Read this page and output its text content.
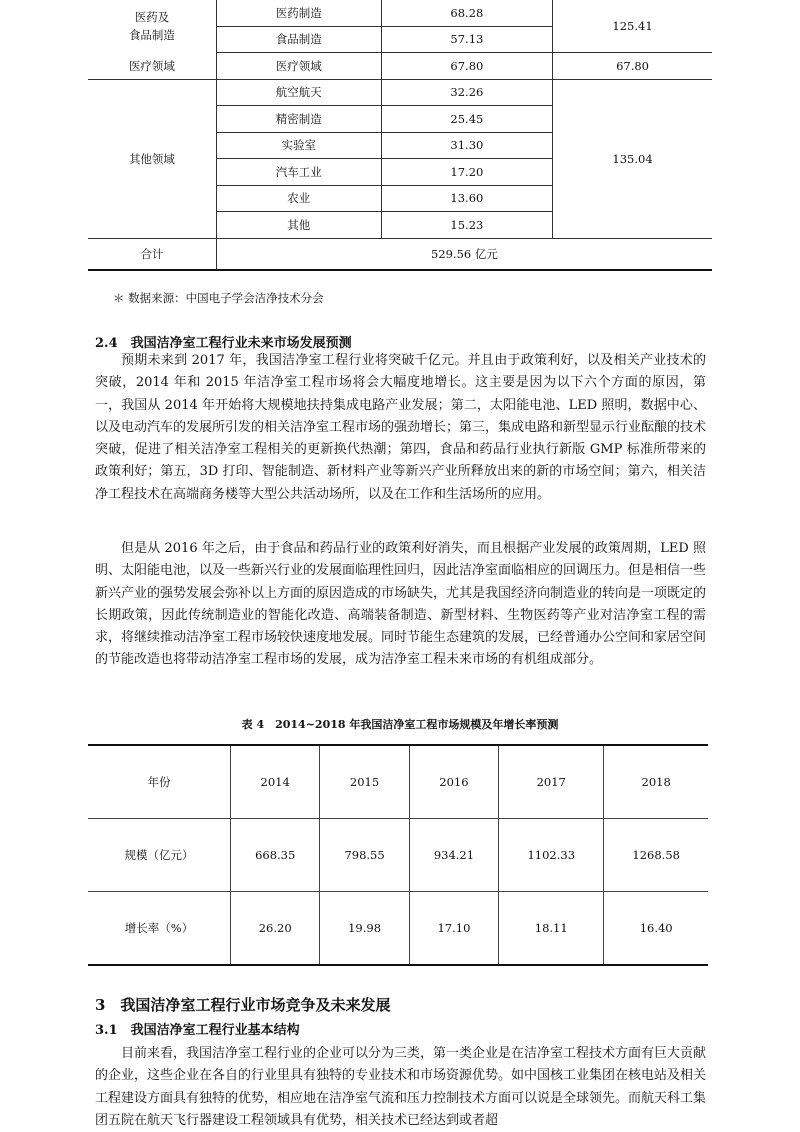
医药及
食品制造	医药制造	68.28	125.41
	食品制造	57.13	
医疗领域	医疗领域	67.80	67.80
其他领域	航空航天	32.26	135.04
	精密制造	25.45	
	实验室	31.30	
	汽车工业	17.20	
	农业	13.60	
	其他	15.23	
合计	529.56 亿元		
＊ 数据来源：中国电子学会洁净技术分会
2.4　我国洁净室工程行业未来市场发展预测

预期未来到 2017 年，我国洁净室工程行业将突破千亿元。并且由于政策利好，以及相关产业技术的突破，2014 年和 2015 年洁净室工程市场将会大幅度地增长。这主要是因为以下六个方面的原因，第一，我国从 2014 年开始将大规模地扶持集成电路产业发展；第二，太阳能电池、LED 照明，数据中心、以及电动汽车的发展所引发的相关洁净室工程市场的强劲增长；第三，集成电路和新型显示行业酝酿的技术突破，促进了相关洁净室工程相关的更新换代热潮；第四，食品和药品行业执行新版 GMP 标准所带来的政策利好；第五，3D 打印、智能制造、新材料产业等新兴产业所释放出来的新的市场空间；第六，相关洁净工程技术在高端商务楼等大型公共活动场所，以及在工作和生活场所的应用。

但是从 2016 年之后，由于食品和药品行业的政策利好消失，而且根据产业发展的政策周期，LED 照明、太阳能电池，以及一些新兴行业的发展面临理性回归，因此洁净室面临相应的回调压力。但是相信一些新兴产业的强势发展会弥补以上方面的原因造成的市场缺失，尤其是我国经济向制造业的转向是一项既定的长期政策，因此传统制造业的智能化改造、高端装备制造、新型材料、生物医药等产业对洁净室工程的需求，将继续推动洁净室工程市场较快速度地发展。同时节能生态建筑的发展，已经普通办公空间和家居空间的节能改造也将带动洁净室工程市场的发展，成为洁净室工程未来市场的有机组成部分。

表 4　2014~2018 年我国洁净室工程市场规模及年增长率预测
年份	2014	2015	2016	2017	2018
规模（亿元）	668.35	798.55	934.21	1102.33	1268.58
增长率（%）	26.20	19.98	17.10	18.11	16.40
3　我国洁净室工程行业市场竞争及未来发展
3.1　我国洁净室工程行业基本结构

目前来看，我国洁净室工程行业的企业可以分为三类，第一类企业是在洁净室工程技术方面有巨大贡献的企业，这些企业在各自的行业里具有独特的专业技术和市场资源优势。如中国核工业集团在核电站及相关工程建设方面具有独特的优势，相应地在洁净室气流和压力控制技术方面可以说是全球领先。而航天科工集团五院在航天飞行器建设工程领域具有优势，相关技术已经达到或者超
